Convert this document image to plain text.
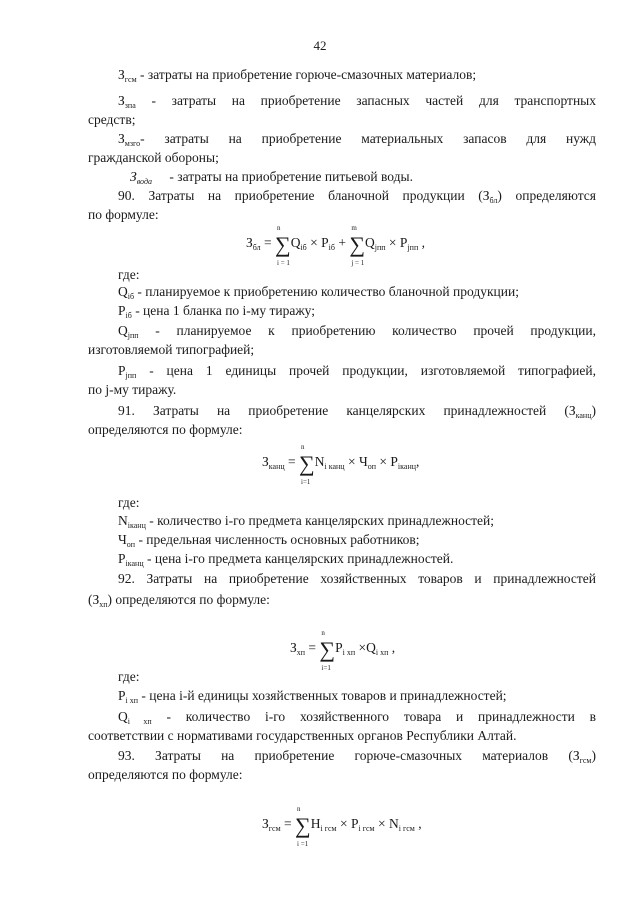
42
$З_{гсм}$ - затраты на приобретение горюче-смазочных материалов;
$З_{зпа}$ - затраты на приобретение запасных частей для транспортных
средств;
$З_{мзго}-$ затраты на приобретение материальных запасов для нужд
гражданской обороны;
$З_{вода}$ - затраты на приобретение питьевой воды.
90. Затраты на приобретение бланочной продукции $(З_{бл})$ определяются
по формуле:
$З_{бл}$ = ∑
n
i = 1
$Q_{iб} \times P_{iб}$ + ∑
m
j = 1
$Q_{jпп} \times P_{jпп}$ ,
где:
$Q_{iб}$ - планируемое к приобретению количество бланочной продукции;
$P_{iб}$ - цена 1 бланка по i-му тиражу;
$Q_{jпп}$ - планируемое к приобретению количество прочей продукции,
изготовляемой типографией;
$P_{jпп}$ - цена 1 единицы прочей продукции, изготовляемой типографией,
по j-му тиражу.
91. Затраты на приобретение канцелярских принадлежностей $(З_{канц})$
определяются по формуле:
$З_{канц}$ = ∑
n
i=1
$N_{i канц} \times Ч_{оп} \times P_{iканц}$,
где:
$N_{iканц}$ - количество i-го предмета канцелярских принадлежностей;
$Ч_{оп}$ - предельная численность основных работников;
$P_{iканц}$ - цена i-го предмета канцелярских принадлежностей.
92. Затраты на приобретение хозяйственных товаров и принадлежностей
$(З_{хп})$ определяются по формуле:
$З_{хп}$ = ∑
n
i=1
$P_{i хп} \times Q_{i хп}$ ,
где:
$P_{i хп}$ - цена i-й единицы хозяйственных товаров и принадлежностей;
$Q_{i хп}$ - количество i-го хозяйственного товара и принадлежности в
соответствии с нормативами государственных органов Республики Алтай.
93. Затраты на приобретение горюче-смазочных материалов $(З_{гсм})$
определяются по формуле:
$З_{гсм}$ = ∑
n
i =1
$Н_{i гсм} \times P_{i гсм} \times N_{i гсм}$ ,
